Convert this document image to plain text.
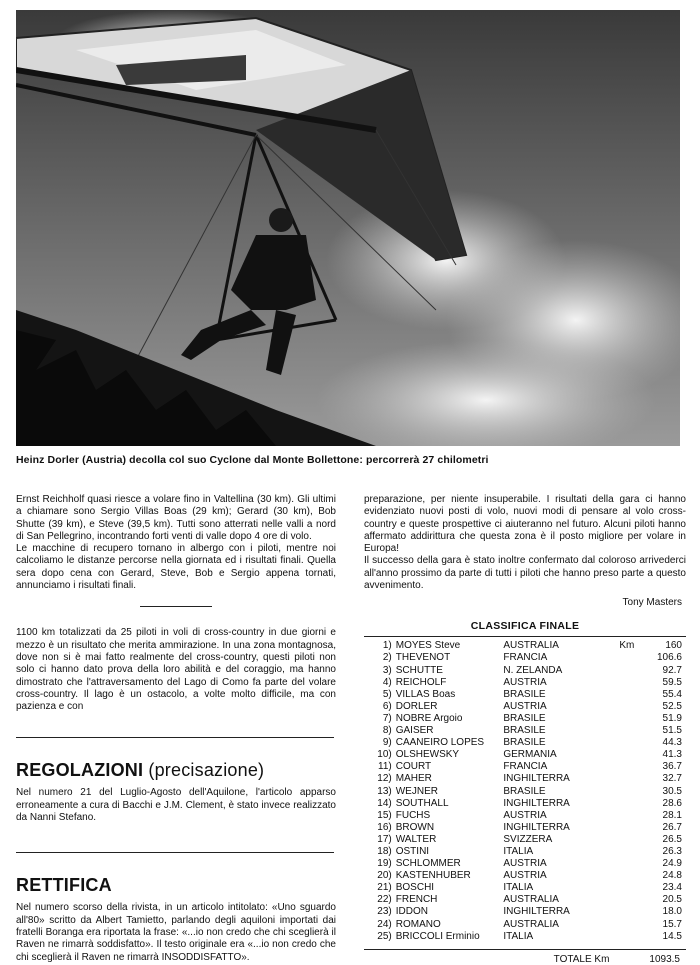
Heinz Dorler (Austria) decolla col suo Cyclone dal Monte Bollettone: percorrerà 27 chilometri

Ernst Reichholf quasi riesce a volare fino in Valtellina (30 km). Gli ultimi a chiamare sono Sergio Villas Boas (29 km); Gerard (30 km), Bob Shutte (39 km), e Steve (39,5 km). Tutti sono atterrati nelle valli a nord di San Pellegrino, incontrando forti venti di valle dopo 4 ore di volo.

Le macchine di recupero tornano in albergo con i piloti, mentre noi calcoliamo le distanze percorse nella giornata ed i risultati finali. Quella sera dopo cena con Gerard, Steve, Bob e Sergio appena tornati, annunciamo i risultati finali.

1100 km totalizzati da 25 piloti in voli di cross-country in due giorni e mezzo è un risultato che merita ammirazione. In una zona montagnosa, dove non si è mai fatto realmente del cross-country, questi piloti non solo ci hanno dato prova della loro abilità e del coraggio, ma hanno dimostrato che l'attraversamento del Lago di Como fa parte del volare cross-country. Il lago è un ostacolo, a volte molto difficile, ma con pazienza e con

REGOLAZIONI (precisazione)

Nel numero 21 del Luglio-Agosto dell'Aquilone, l'articolo apparso erroneamente a cura di Bacchi e J.M. Clement, è stato invece realizzato da Nanni Stefano.

RETTIFICA

Nel numero scorso della rivista, in un articolo intitolato: «Uno sguardo all'80» scritto da Albert Tamietto, parlando degli aquiloni importati dai fratelli Boranga era riportata la frase: «...io non credo che chi sceglierà il Raven ne rimarrà soddisfatto». Il testo originale era «...io non credo che chi sceglierà il Raven ne rimarrà INSODDISFATTO».

preparazione, per niente insuperabile. I risultati della gara ci hanno evidenziato nuovi posti di volo, nuovi modi di pensare al volo cross-country e queste prospettive ci aiuteranno nel futuro. Alcuni piloti hanno affermato addirittura che questa zona è il posto migliore per volare in Europa!

Il successo della gara è stato inoltre confermato dal coloroso arrivederci all'anno prossimo da parte di tutti i piloti che hanno preso parte a questo avvenimento.

Tony Masters
CLASSIFICA FINALE
1)	MOYES Steve	AUSTRALIA	Km	160
2)	THEVENOT	FRANCIA		106.6
3)	SCHUTTE	N. ZELANDA		92.7
4)	REICHOLF	AUSTRIA		59.5
5)	VILLAS Boas	BRASILE		55.4
6)	DORLER	AUSTRIA		52.5
7)	NOBRE Argoio	BRASILE		51.9
8)	GAISER	BRASILE		51.5
9)	CAANEIRO LOPES	BRASILE		44.3
10)	OLSHEWSKY	GERMANIA		41.3
11)	COURT	FRANCIA		36.7
12)	MAHER	INGHILTERRA		32.7
13)	WEJNER	BRASILE		30.5
14)	SOUTHALL	INGHILTERRA		28.6
15)	FUCHS	AUSTRIA		28.1
16)	BROWN	INGHILTERRA		26.7
17)	WALTER	SVIZZERA		26.5
18)	OSTINI	ITALIA		26.3
19)	SCHLOMMER	AUSTRIA		24.9
20)	KASTENHUBER	AUSTRIA		24.8
21)	BOSCHI	ITALIA		23.4
22)	FRENCH	AUSTRALIA		20.5
23)	IDDON	INGHILTERRA		18.0
24)	ROMANO	AUSTRALIA		15.7
25)	BRICCOLI Erminio	ITALIA		14.5
TOTALE Km	1093.5
